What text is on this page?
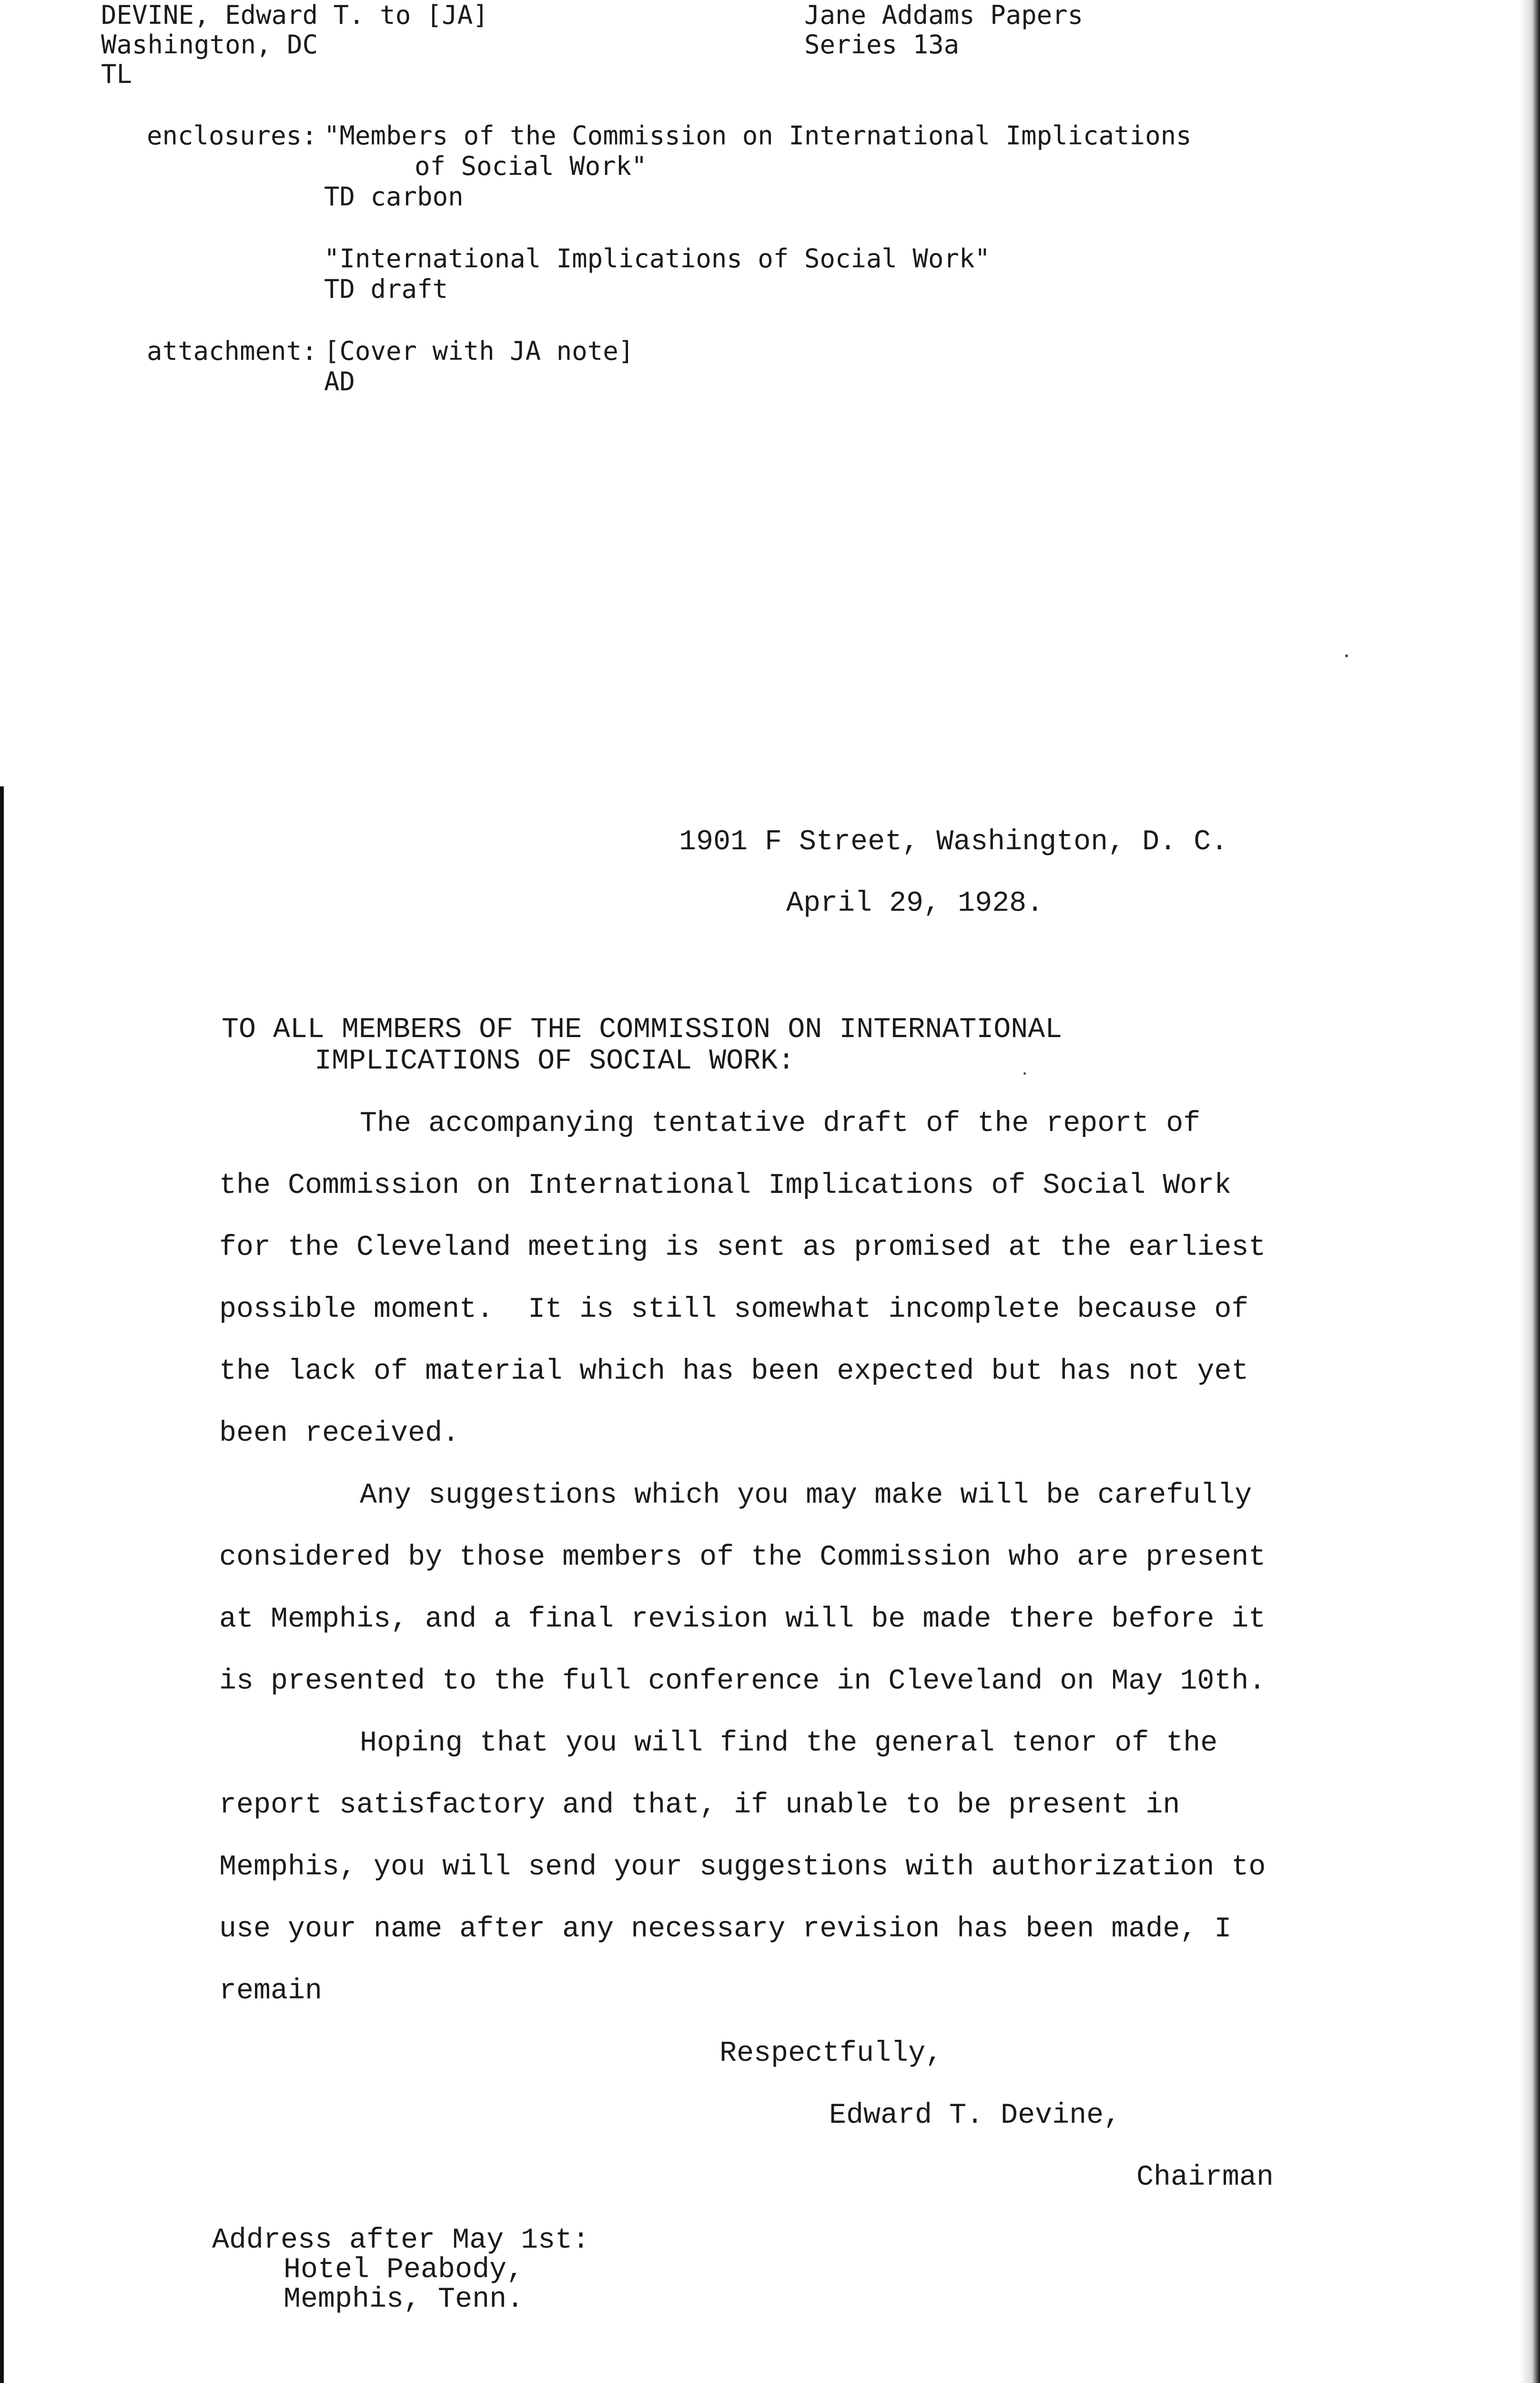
DEVINE, Edward T. to [JA]
Washington, DC
TL
Jane Addams Papers
Series 13a
enclosures: "Members of the Commission on International Implications
of Social Work"
TD carbon
"International Implications of Social Work"
TD draft
attachment: [Cover with JA note]
AD
1901 F Street, Washington, D. C.
April 29, 1928.
TO ALL MEMBERS OF THE COMMISSION ON INTERNATIONAL
IMPLICATIONS OF SOCIAL WORK:
The accompanying tentative draft of the report of
the Commission on International Implications of Social Work
for the Cleveland meeting is sent as promised at the earliest
possible moment.  It is still somewhat incomplete because of
the lack of material which has been expected but has not yet
been received.
Any suggestions which you may make will be carefully
considered by those members of the Commission who are present
at Memphis, and a final revision will be made there before it
is presented to the full conference in Cleveland on May 10th.
Hoping that you will find the general tenor of the
report satisfactory and that, if unable to be present in
Memphis, you will send your suggestions with authorization to
use your name after any necessary revision has been made, I
remain
Respectfully,
Edward T. Devine,
Chairman
Address after May 1st:
Hotel Peabody,
Memphis, Tenn.
